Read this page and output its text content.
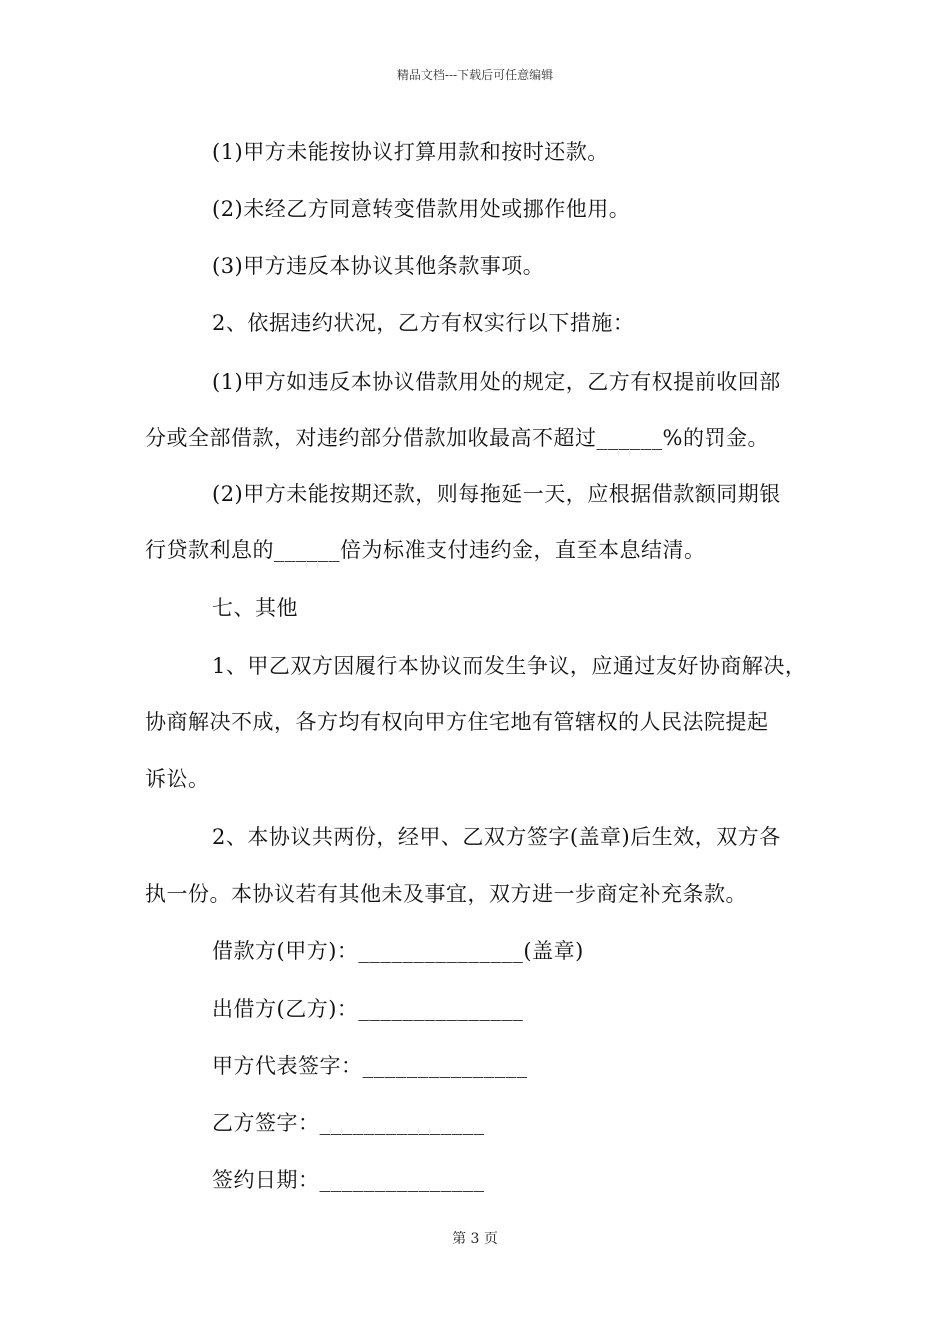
精品文档---下载后可任意编辑
(1)甲方未能按协议打算用款和按时还款。
(2)未经乙方同意转变借款用处或挪作他用。
(3)甲方违反本协议其他条款事项。
2、依据违约状况，乙方有权实行以下措施：
(1)甲方如违反本协议借款用处的规定，乙方有权提前收回部
分或全部借款，对违约部分借款加收最高不超过______%的罚金。
(2)甲方未能按期还款，则每拖延一天，应根据借款额同期银
行贷款利息的______倍为标准支付违约金，直至本息结清。
七、其他
1、甲乙双方因履行本协议而发生争议，应通过友好协商解决，
协商解决不成，各方均有权向甲方住宅地有管辖权的人民法院提起
诉讼。
2、本协议共两份，经甲、乙双方签字(盖章)后生效，双方各
执一份。本协议若有其他未及事宜，双方进一步商定补充条款。
借款方(甲方)：_______________(盖章)
出借方(乙方)：_______________
甲方代表签字：_______________
乙方签字：_______________
签约日期：_______________
第 3 页
